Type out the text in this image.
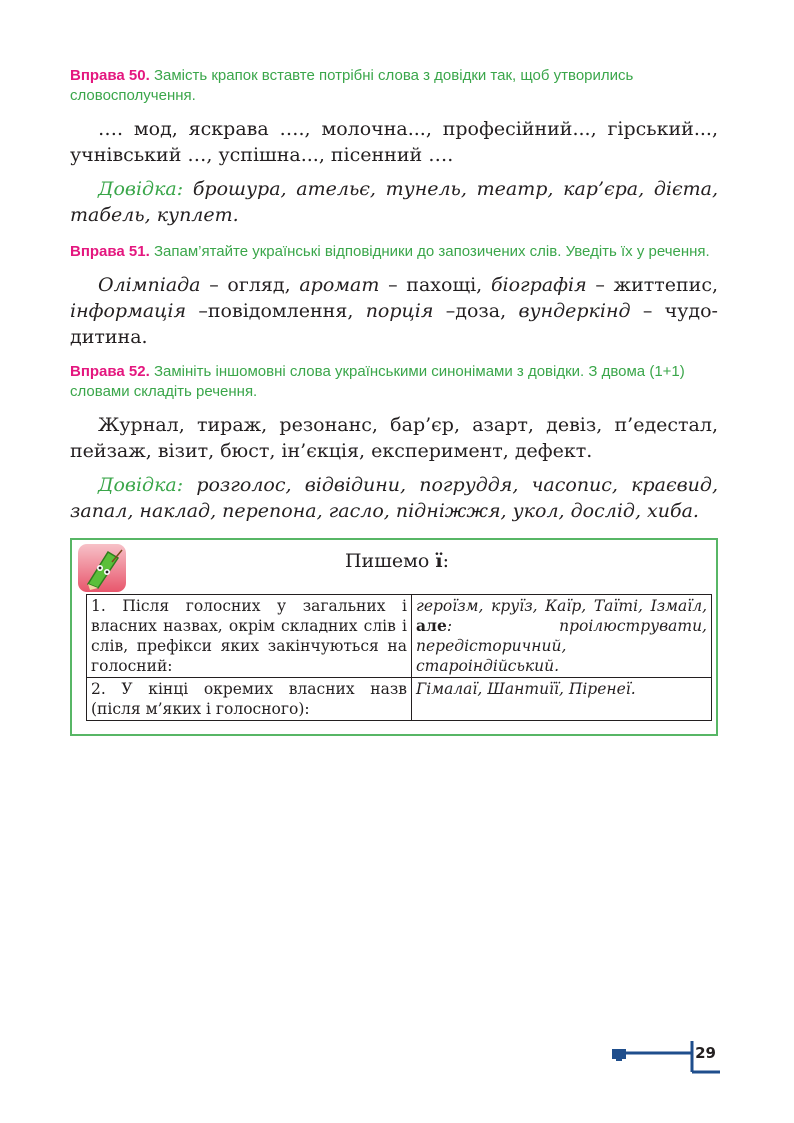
Вправа 50. Замість крапок вставте потрібні слова з довідки так, щоб утворились словосполучення.

…. мод, яскрава …., молочна..., професійний..., гірський..., учнівський …, успішна..., пісенний ….

Довідка: брошура, ательє, тунель, театр, кар’єра, дієта, табель, куплет.

Вправа 51. Запам’ятайте українські відповідники до запозичених слів. Уведіть їх у речення.

Олімпіада – огляд, аромат – пахощі, біографія – життепис, інформація –повідомлення, порція –доза, вундеркінд – чудо-дитина.

Вправа 52. Замініть іншомовні слова українськими синонімами з довідки. З двома (1+1) словами складіть речення.

Журнал, тираж, резонанс, бар’єр, азарт, девіз, п’едестал, пейзаж, візит, бюст, ін’єкція, експеримент, дефект.

Довідка: розголос, відвідини, погруддя, часопис, краєвид, запал, наклад, перепона, гасло, підніжжя, укол, дослід, хиба.

Пишемо ї:
1. Після голосних у загальних і власних назвах, окрім складних слів і слів, префікси яких закінчуються на голосний:	героїзм, круїз, Каїр, Таїті, Ізмаїл, але: проілюструвати, передісторичний, староіндійський.
2. У кінці окремих власних назв (після м’яких і голосного):	Гімалаї, Шантиїї, Піренеї.
29
